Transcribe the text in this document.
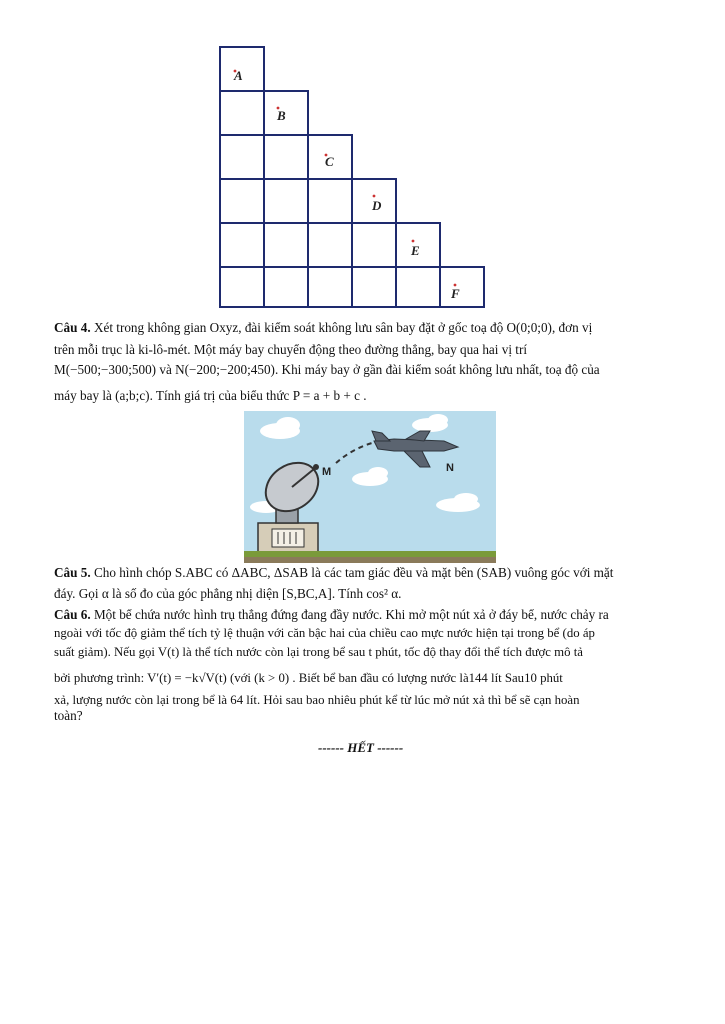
A
B
C
D
E
F
Câu 4. Xét trong không gian Oxyz, đài kiểm soát không lưu sân bay đặt ở gốc toạ độ O(0;0;0), đơn vị
trên mỗi trục là ki-lô-mét. Một máy bay chuyển động theo đường thẳng, bay qua hai vị trí
M(−500;−300;500) và N(−200;−200;450). Khi máy bay ở gần đài kiểm soát không lưu nhất, toạ độ của
máy bay là (a;b;c). Tính giá trị của biểu thức P = a + b + c .
M	N
Câu 5. Cho hình chóp S.ABC có ΔABC, ΔSAB là các tam giác đều và mặt bên (SAB) vuông góc với mặt
đáy. Gọi α là số đo của góc phẳng nhị diện [S,BC,A]. Tính cos² α.
Câu 6. Một bể chứa nước hình trụ thẳng đứng đang đầy nước. Khi mở một nút xả ở đáy bể, nước chảy ra
ngoài với tốc độ giảm thể tích tỷ lệ thuận với căn bậc hai của chiều cao mực nước hiện tại trong bể (do áp
suất giảm). Nếu gọi V(t) là thể tích nước còn lại trong bể sau t phút, tốc độ thay đổi thể tích được mô tả
bởi phương trình: V′(t) = −k√V(t) (với (k > 0) . Biết bể ban đầu có lượng nước là144 lít Sau10 phút
xả, lượng nước còn lại trong bể là 64 lít. Hỏi sau bao nhiêu phút kể từ lúc mở nút xả thì bể sẽ cạn hoàn
toàn?
------ HẾT ------
